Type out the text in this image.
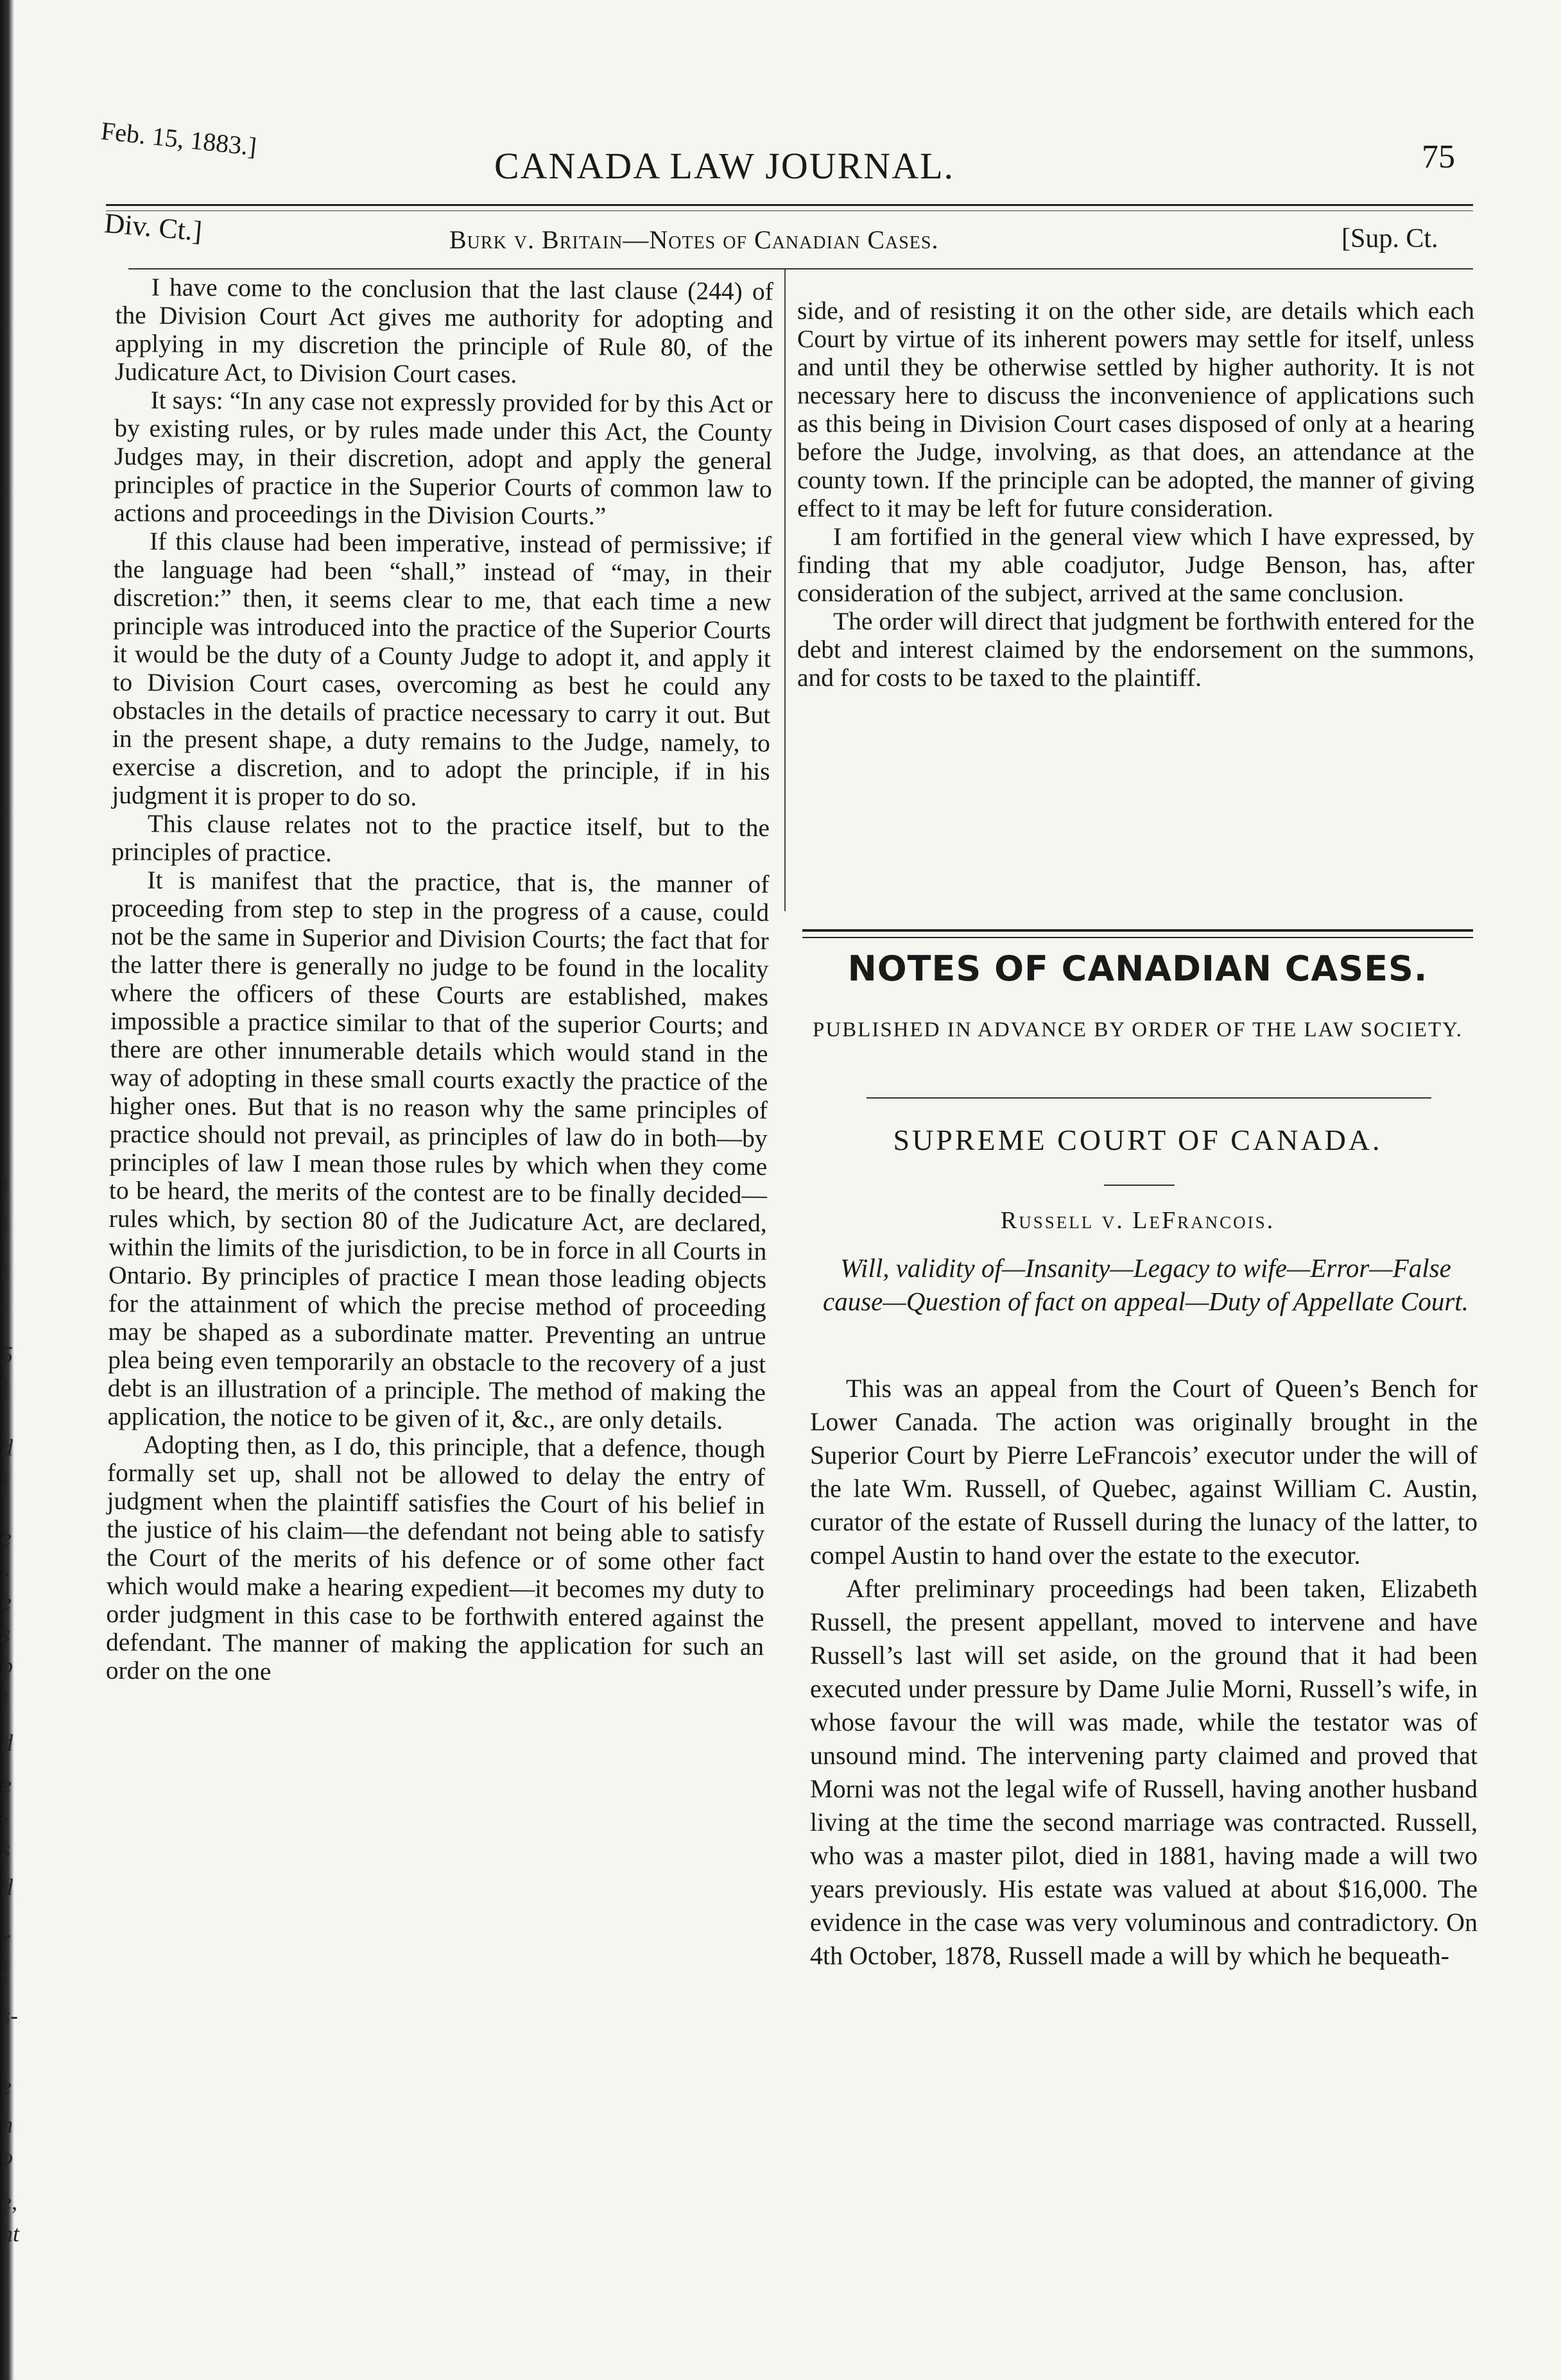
l
l
t
5
l
d
t
e
-
e
s
p
l
d
e
-
s
d
r
t
s-
e
n
o
e,
nt
Feb. 15, 1883.]
CANADA LAW JOURNAL.	75
Div. Ct.]	Burk v. Britain—Notes of Canadian Cases.	[Sup. Ct.

I have come to the conclusion that the last clause (244) of the Division Court Act gives me authority for adopting and applying in my discretion the principle of Rule 80, of the Judicature Act, to Division Court cases.

It says: “In any case not expressly provided for by this Act or by existing rules, or by rules made under this Act, the County Judges may, in their discretion, adopt and apply the general principles of practice in the Superior Courts of common law to actions and proceedings in the Division Courts.”

If this clause had been imperative, instead of permissive; if the language had been “shall,” instead of “may, in their discretion:” then, it seems clear to me, that each time a new principle was introduced into the practice of the Superior Courts it would be the duty of a County Judge to adopt it, and apply it to Division Court cases, overcoming as best he could any obstacles in the details of practice necessary to carry it out. But in the present shape, a duty remains to the Judge, namely, to exercise a discretion, and to adopt the principle, if in his judgment it is proper to do so.

This clause relates not to the practice itself, but to the principles of practice.

It is manifest that the practice, that is, the manner of proceeding from step to step in the progress of a cause, could not be the same in Superior and Division Courts; the fact that for the latter there is generally no judge to be found in the locality where the officers of these Courts are established, makes impossible a practice similar to that of the superior Courts; and there are other innumerable details which would stand in the way of adopting in these small courts exactly the practice of the higher ones. But that is no reason why the same principles of practice should not prevail, as principles of law do in both—by principles of law I mean those rules by which when they come to be heard, the merits of the contest are to be finally decided—rules which, by section 80 of the Judicature Act, are declared, within the limits of the jurisdiction, to be in force in all Courts in Ontario. By principles of practice I mean those leading objects for the attainment of which the precise method of proceeding may be shaped as a subordinate matter. Preventing an untrue plea being even temporarily an obstacle to the recovery of a just debt is an illustration of a principle. The method of making the application, the notice to be given of it, &c., are only details.

Adopting then, as I do, this principle, that a defence, though formally set up, shall not be allowed to delay the entry of judgment when the plaintiff satisfies the Court of his belief in the justice of his claim—the defendant not being able to satisfy the Court of the merits of his defence or of some other fact which would make a hearing expedient—it becomes my duty to order judgment in this case to be forthwith entered against the defendant. The manner of making the application for such an order on the one

side, and of resisting it on the other side, are details which each Court by virtue of its inherent powers may settle for itself, unless and until they be otherwise settled by higher authority. It is not necessary here to discuss the inconvenience of applications such as this being in Division Court cases disposed of only at a hearing before the Judge, involving, as that does, an attendance at the county town. If the principle can be adopted, the manner of giving effect to it may be left for future consideration.

I am fortified in the general view which I have expressed, by finding that my able coadjutor, Judge Benson, has, after consideration of the subject, arrived at the same conclusion.

The order will direct that judgment be forthwith entered for the debt and interest claimed by the endorsement on the summons, and for costs to be taxed to the plaintiff.

NOTES OF CANADIAN CASES.
PUBLISHED IN ADVANCE BY ORDER OF THE LAW SOCIETY.
SUPREME COURT OF CANADA.
Russell v. LeFrancois.
Will, validity of—Insanity—Legacy to wife—Error—False cause—Question of fact on appeal—Duty of Appellate Court.

This was an appeal from the Court of Queen’s Bench for Lower Canada. The action was originally brought in the Superior Court by Pierre LeFrancois’ executor under the will of the late Wm. Russell, of Quebec, against William C. Austin, curator of the estate of Russell during the lunacy of the latter, to compel Austin to hand over the estate to the executor.

After preliminary proceedings had been taken, Elizabeth Russell, the present appellant, moved to intervene and have Russell’s last will set aside, on the ground that it had been executed under pressure by Dame Julie Morni, Russell’s wife, in whose favour the will was made, while the testator was of unsound mind. The intervening party claimed and proved that Morni was not the legal wife of Russell, having another husband living at the time the second marriage was contracted. Russell, who was a master pilot, died in 1881, having made a will two years previously. His estate was valued at about $16,000. The evidence in the case was very voluminous and contradictory. On 4th October, 1878, Russell made a will by which he bequeath-
